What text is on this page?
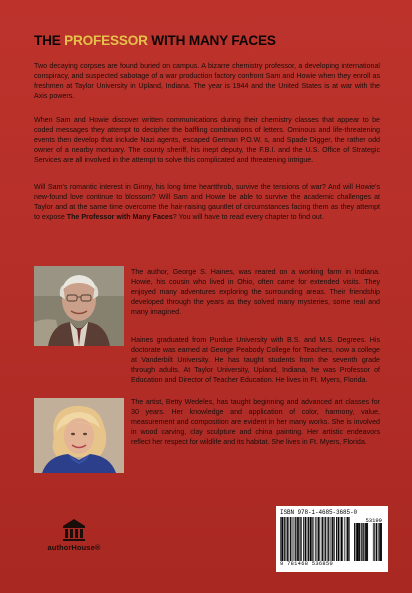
THE PROFESSOR WITH MANY FACES

Two decaying corpses are found buried on campus. A bizarre chemistry professor, a developing international conspiracy, and suspected sabotage of a war production factory confront Sam and Howie when they enroll as freshmen at Taylor University in Upland, Indiana. The year is 1944 and the United States is at war with the Axis powers.

When Sam and Howie discover written communications during their chemistry classes that appear to be coded messages they attempt to decipher the baffling combinations of letters. Ominous and life-threatening events then develop that include Nazi agents, escaped German P.O.W. s, and Spade Digger, the rather odd owner of a nearby mortuary. The county sheriff, his inept deputy, the F.B.I. and the U.S. Office of Strategic Services are all involved in the attempt to solve this complicated and threatening intrigue.

Will Sam's romantic interest in Ginny, his long time heartthrob, survive the tensions of war? And will Howie's new-found love continue to blossom? Will Sam and Howie be able to survive the academic challenges at Taylor and at the same time overcome the hair-raising gauntlet of circumstances facing them as they attempt to expose The Professor with Many Faces? You will have to read every chapter to find out.

The author, George S. Haines, was reared on a working farm in Indiana. Howie, his cousin who lived in Ohio, often came for extended visits. They enjoyed many adventures exploring the surrounding areas. Their friendship developed through the years as they solved many mysteries, some real and many imagined.

Haines graduated from Purdue University with B.S. and M.S. Degrees. His doctorate was earned at George Peabody College for Teachers, now a college at Vanderbilt University. He has taught students from the seventh grade through adults. At Taylor University, Upland, Indiana, he was Professor of Education and Director of Teacher Education. He lives in Ft. Myers, Florida.

The artist, Betty Wedeles, has taught beginning and advanced art classes for 30 years. Her knowledge and application of color, harmony, value, measurement and composition are evident in her many works. She is involved in wood carving, clay sculpture and china painting. Her artistic endeavors reflect her respect for wildlife and its habitat. She lives in Ft. Myers, Florida.

authorHouse®
ISBN 978-1-4685-3685-0
53199
9 781468 536850
